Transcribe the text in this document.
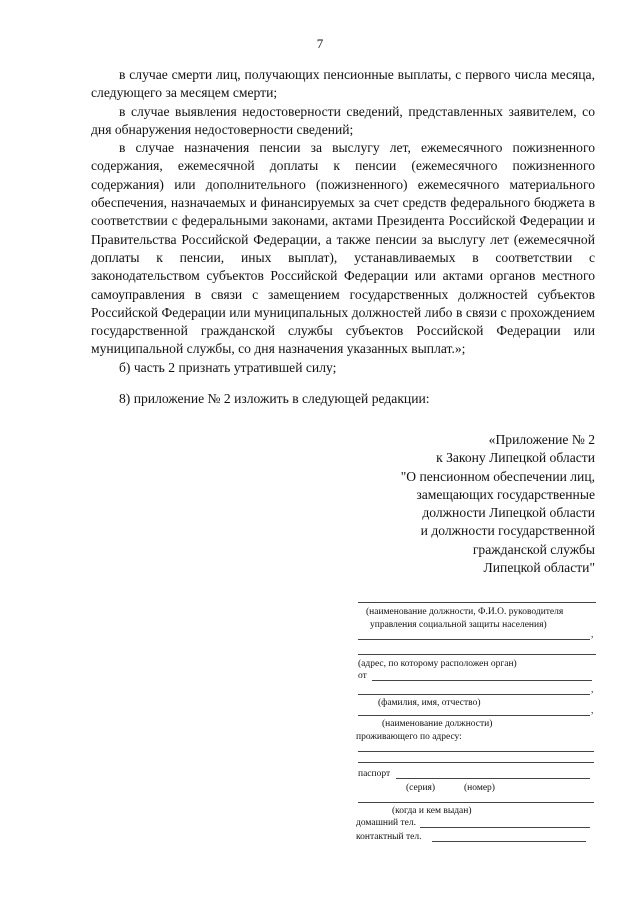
7

в случае смерти лиц, получающих пенсионные выплаты, с первого числа месяца, следующего за месяцем смерти;

в случае выявления недостоверности сведений, представленных заявителем, со дня обнаружения недостоверности сведений;

в случае назначения пенсии за выслугу лет, ежемесячного пожизненного содержания, ежемесячной доплаты к пенсии (ежемесячного пожизненного содержания) или дополнительного (пожизненного) ежемесячного материального обеспечения, назначаемых и финансируемых за счет средств федерального бюджета в соответствии с федеральными законами, актами Президента Российской Федерации и Правительства Российской Федерации, а также пенсии за выслугу лет (ежемесячной доплаты к пенсии, иных выплат), устанавливаемых в соответствии с законодательством субъектов Российской Федерации или актами органов местного самоуправления в связи с замещением государственных должностей субъектов Российской Федерации или муниципальных должностей либо в связи с прохождением государственной гражданской службы субъектов Российской Федерации или муниципальной службы, со дня назначения указанных выплат.»;

б) часть 2 признать утратившей силу;

8) приложение № 2 изложить в следующей редакции:

«Приложение № 2
к Закону Липецкой области
"О пенсионном обеспечении лиц,
замещающих государственные
должности Липецкой области
и должности государственной
гражданской службы
Липецкой области"
(наименование должности, Ф.И.О. руководителя
управления социальной защиты населения)
,
(адрес, по которому расположен орган)
от
,
(фамилия, имя, отчество)
,
(наименование должности)
проживающего по адресу:
паспорт
(серия)	(номер)
(когда и кем выдан)
домашний тел.
контактный тел.
